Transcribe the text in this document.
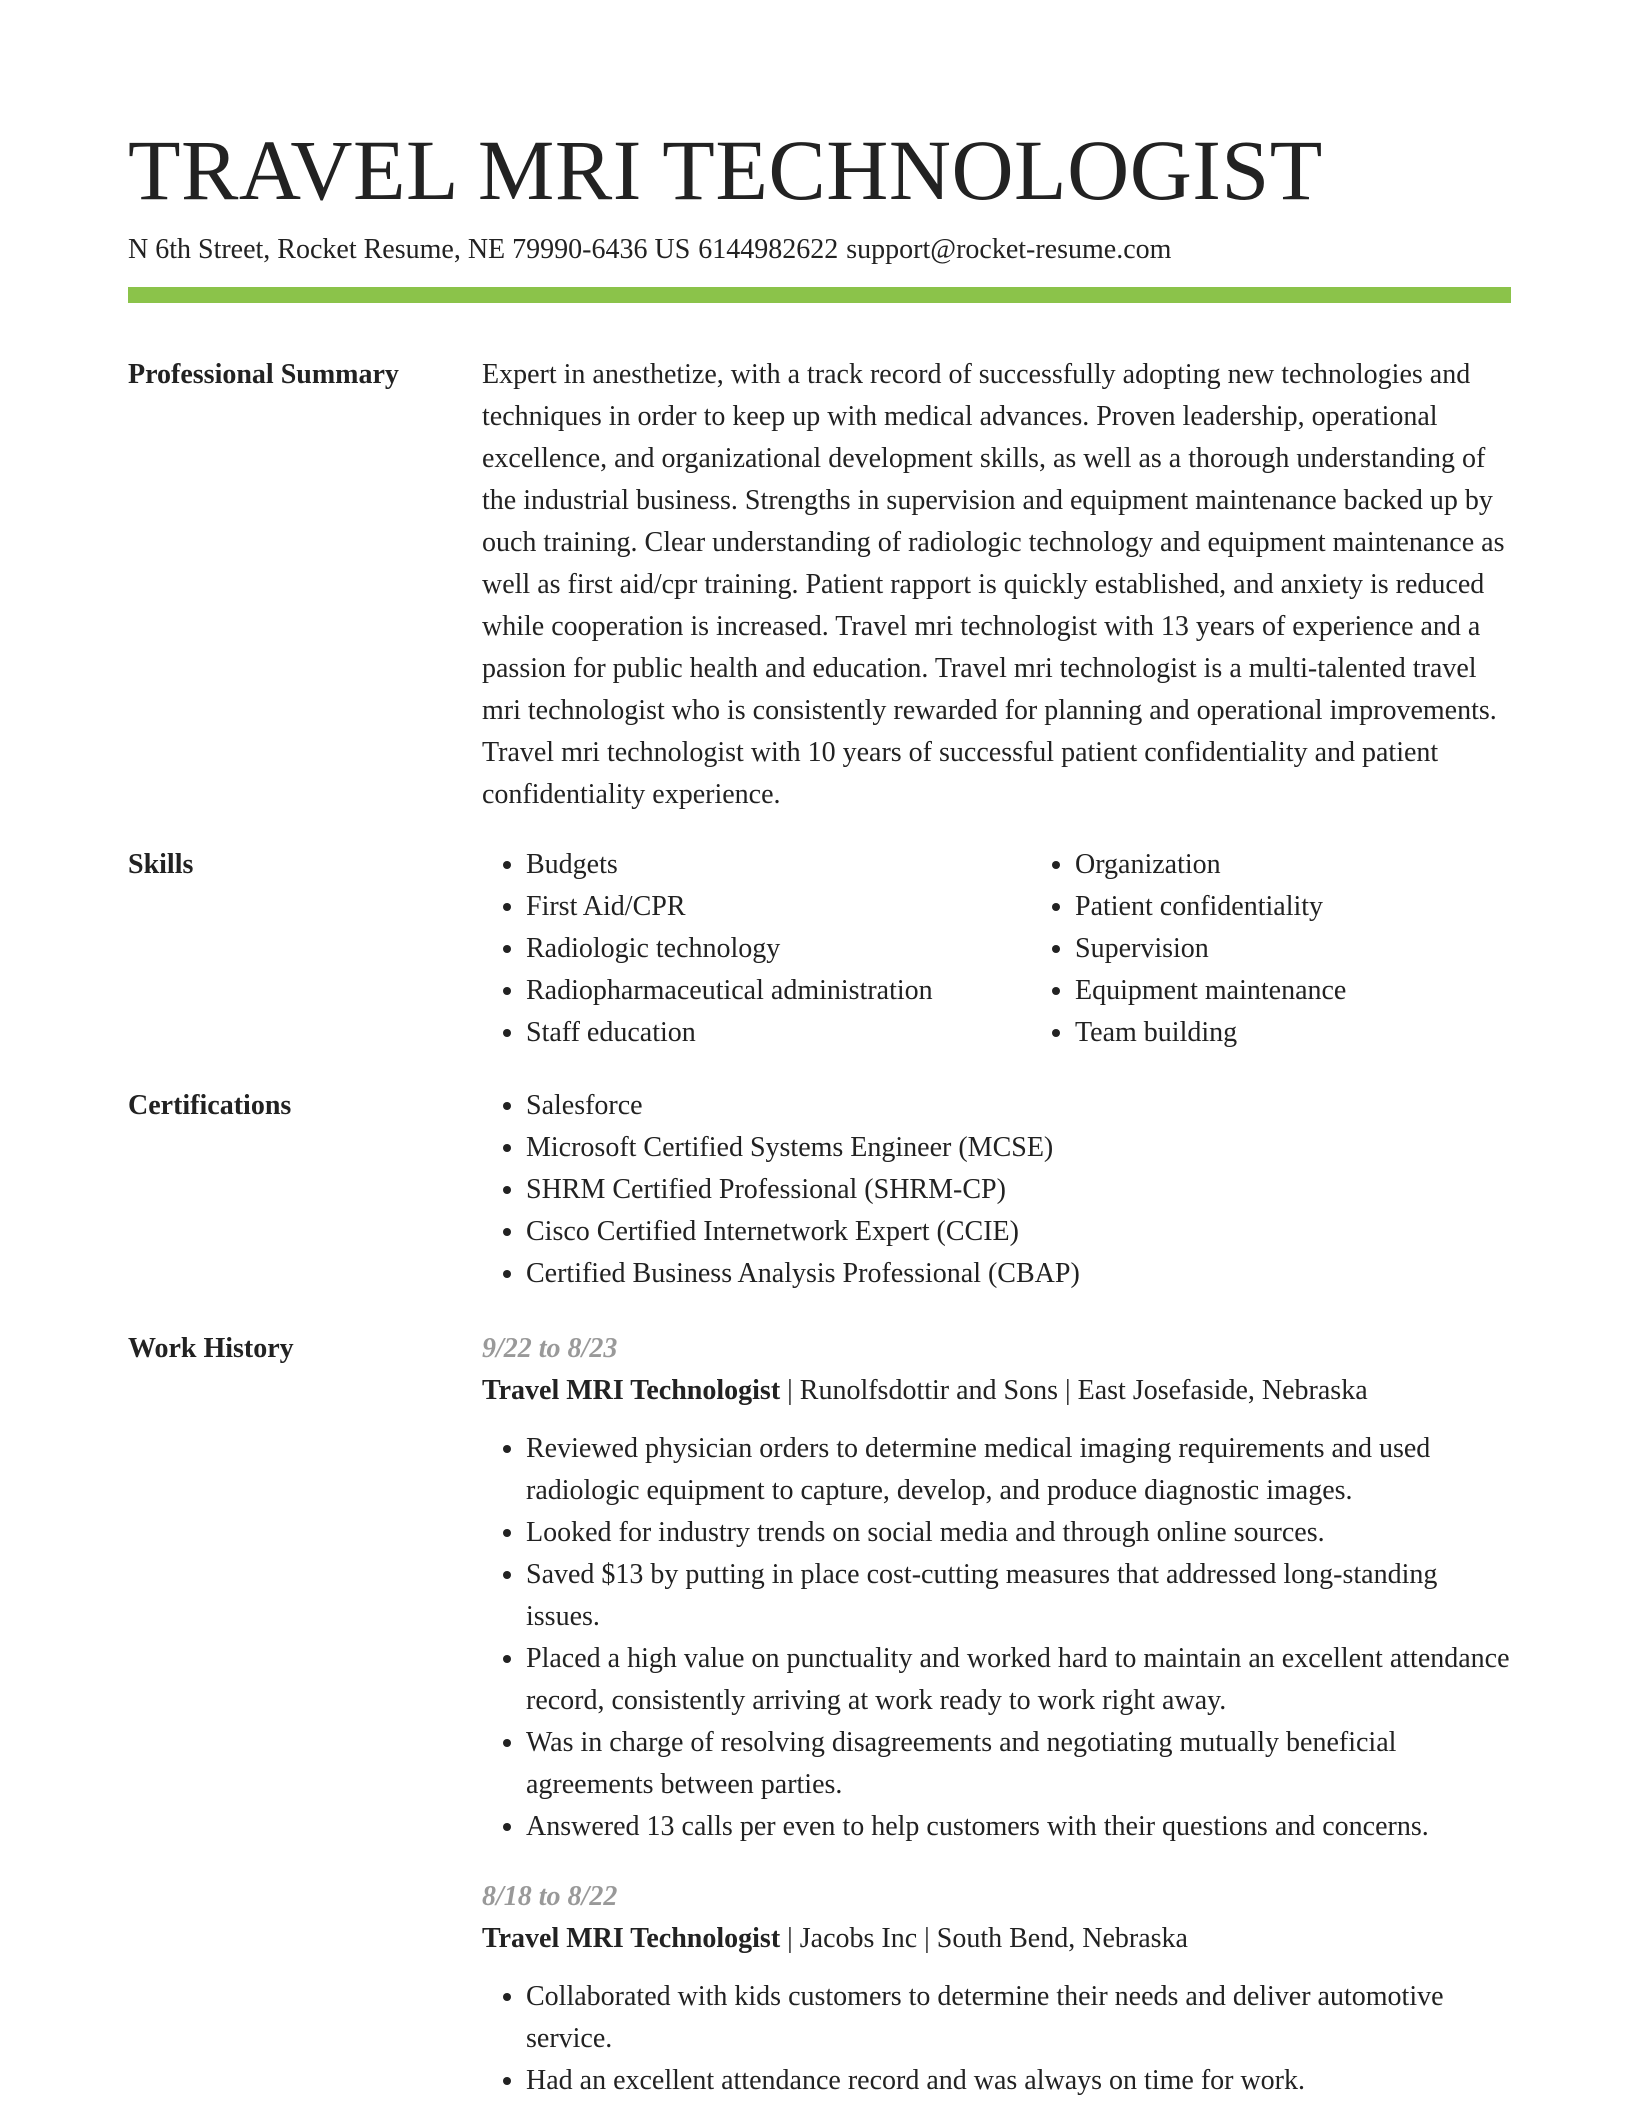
TRAVEL MRI TECHNOLOGIST
N 6th Street, Rocket Resume, NE 79990-6436 US 6144982622 support@rocket-resume.com
Professional Summary	Expert in anesthetize, with a track record of successfully adopting new technologies and techniques in order to keep up with medical advances. Proven leadership, operational excellence, and organizational development skills, as well as a thorough understanding of the industrial business. Strengths in supervision and equipment maintenance backed up by ouch training. Clear understanding of radiologic technology and equipment maintenance as well as first aid/cpr training. Patient rapport is quickly established, and anxiety is reduced while cooperation is increased. Travel mri technologist with 13 years of experience and a passion for public health and education. Travel mri technologist is a multi-talented travel mri technologist who is consistently rewarded for planning and operational improvements. Travel mri technologist with 10 years of successful patient confidentiality and patient confidentiality experience.

Skills	• Budgets
• First Aid/CPR
• Radiologic technology
• Radiopharmaceutical administration
• Staff education
• Organization
• Patient confidentiality
• Supervision
• Equipment maintenance
• Team building
Certifications	• Salesforce
• Microsoft Certified Systems Engineer (MCSE)
• SHRM Certified Professional (SHRM-CP)
• Cisco Certified Internetwork Expert (CCIE)
• Certified Business Analysis Professional (CBAP)
Work History	9/22 to 8/23
Travel MRI Technologist | Runolfsdottir and Sons | East Josefaside, Nebraska
• Reviewed physician orders to determine medical imaging requirements and used radiologic equipment to capture, develop, and produce diagnostic images.
• Looked for industry trends on social media and through online sources.
• Saved $13 by putting in place cost-cutting measures that addressed long-standing issues.
• Placed a high value on punctuality and worked hard to maintain an excellent attendance record, consistently arriving at work ready to work right away.
• Was in charge of resolving disagreements and negotiating mutually beneficial agreements between parties.
• Answered 13 calls per even to help customers with their questions and concerns.
8/18 to 8/22
Travel MRI Technologist | Jacobs Inc | South Bend, Nebraska
• Collaborated with kids customers to determine their needs and deliver automotive service.
• Had an excellent attendance record and was always on time for work.
